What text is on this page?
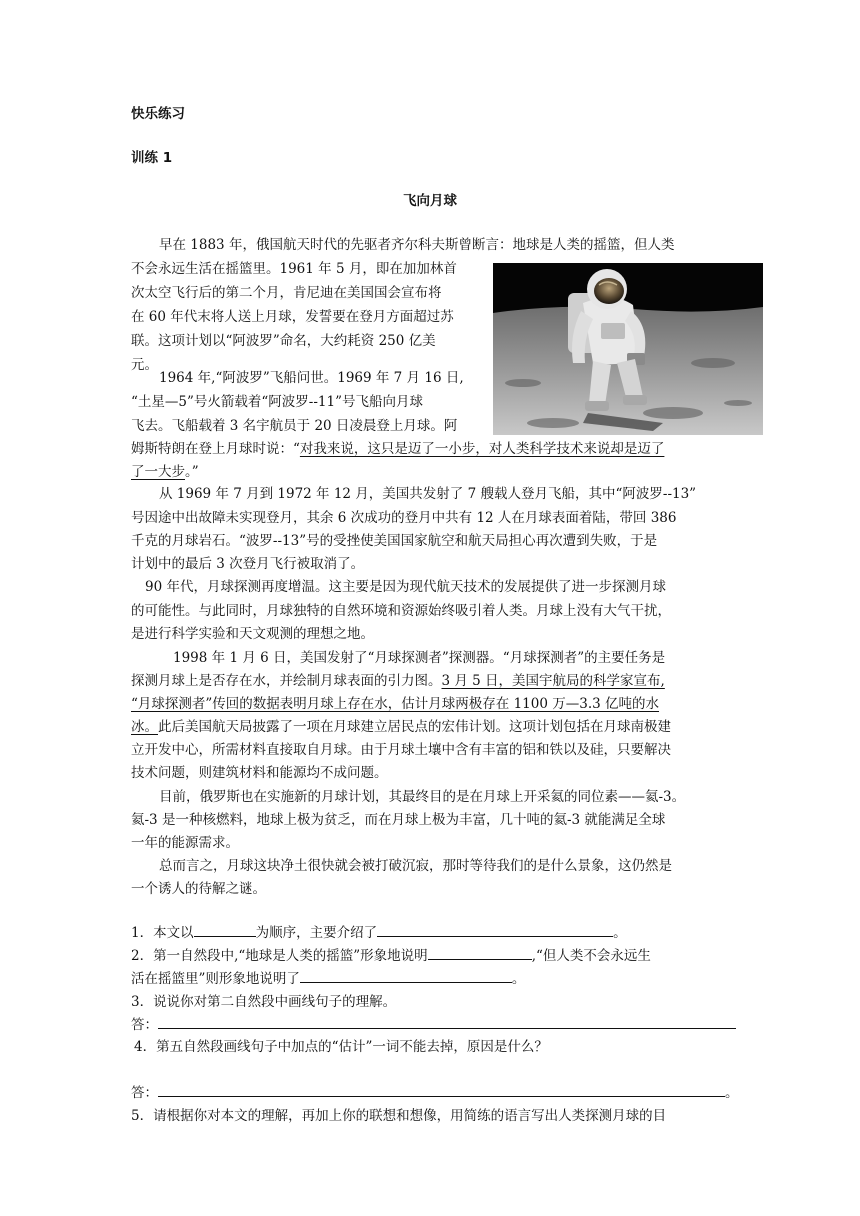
快乐练习
训练 1
飞向月球
早在 1883 年，俄国航天时代的先驱者齐尔科夫斯曾断言：地球是人类的摇篮，但人类
不会永远生活在摇篮里。1961 年 5 月，即在加加林首
次太空飞行后的第二个月，肯尼迪在美国国会宣布将
在 60 年代末将人送上月球，发誓要在登月方面超过苏
联。这项计划以“阿波罗”命名，大约耗资 250 亿美
元。
1964 年,“阿波罗”飞船问世。1969 年 7 月 16 日,
“土星—5”号火箭载着“阿波罗--11”号飞船向月球
飞去。飞船载着 3 名宇航员于 20 日凌晨登上月球。阿
姆斯特朗在登上月球时说：“对我来说，这只是迈了一小步，对人类科学技术来说却是迈了
了一大步。”
从 1969 年 7 月到 1972 年 12 月，美国共发射了 7 艘载人登月飞船，其中“阿波罗--13”
号因途中出故障未实现登月，其余 6 次成功的登月中共有 12 人在月球表面着陆，带回 386
千克的月球岩石。“波罗--13”号的受挫使美国国家航空和航天局担心再次遭到失败，于是
计划中的最后 3 次登月飞行被取消了。
90 年代，月球探测再度增温。这主要是因为现代航天技术的发展提供了进一步探测月球
的可能性。与此同时，月球独特的自然环境和资源始终吸引着人类。月球上没有大气干扰，
是进行科学实验和天文观测的理想之地。
1998 年 1 月 6 日，美国发射了“月球探测者”探测器。“月球探测者”的主要任务是
探测月球上是否存在水，并绘制月球表面的引力图。3 月 5 日，美国宇航局的科学家宣布,
“月球探测者”传回的数据表明月球上存在水，估计月球两极存在 1100 万—3.3 亿吨的水
冰。此后美国航天局披露了一项在月球建立居民点的宏伟计划。这项计划包括在月球南极建
立开发中心，所需材料直接取自月球。由于月球土壤中含有丰富的铝和铁以及硅，只要解决
技术问题，则建筑材料和能源均不成问题。
目前，俄罗斯也在实施新的月球计划，其最终目的是在月球上开采氦的同位素——氦-3。
氦-3 是一种核燃料，地球上极为贫乏，而在月球上极为丰富，几十吨的氦-3 就能满足全球
一年的能源需求。
总而言之，月球这块净土很快就会被打破沉寂，那时等待我们的是什么景象，这仍然是
一个诱人的待解之谜。
1．本文以	为顺序，主要介绍了	。
2．第一自然段中,“地球是人类的摇篮”形象地说明	,“但人类不会永远生
活在摇篮里”则形象地说明了	。
3．说说你对第二自然段中画线句子的理解。
答：
4．第五自然段画线句子中加点的“估计”一词不能去掉，原因是什么？
答：	。
5．请根据你对本文的理解，再加上你的联想和想像，用简练的语言写出人类探测月球的目
